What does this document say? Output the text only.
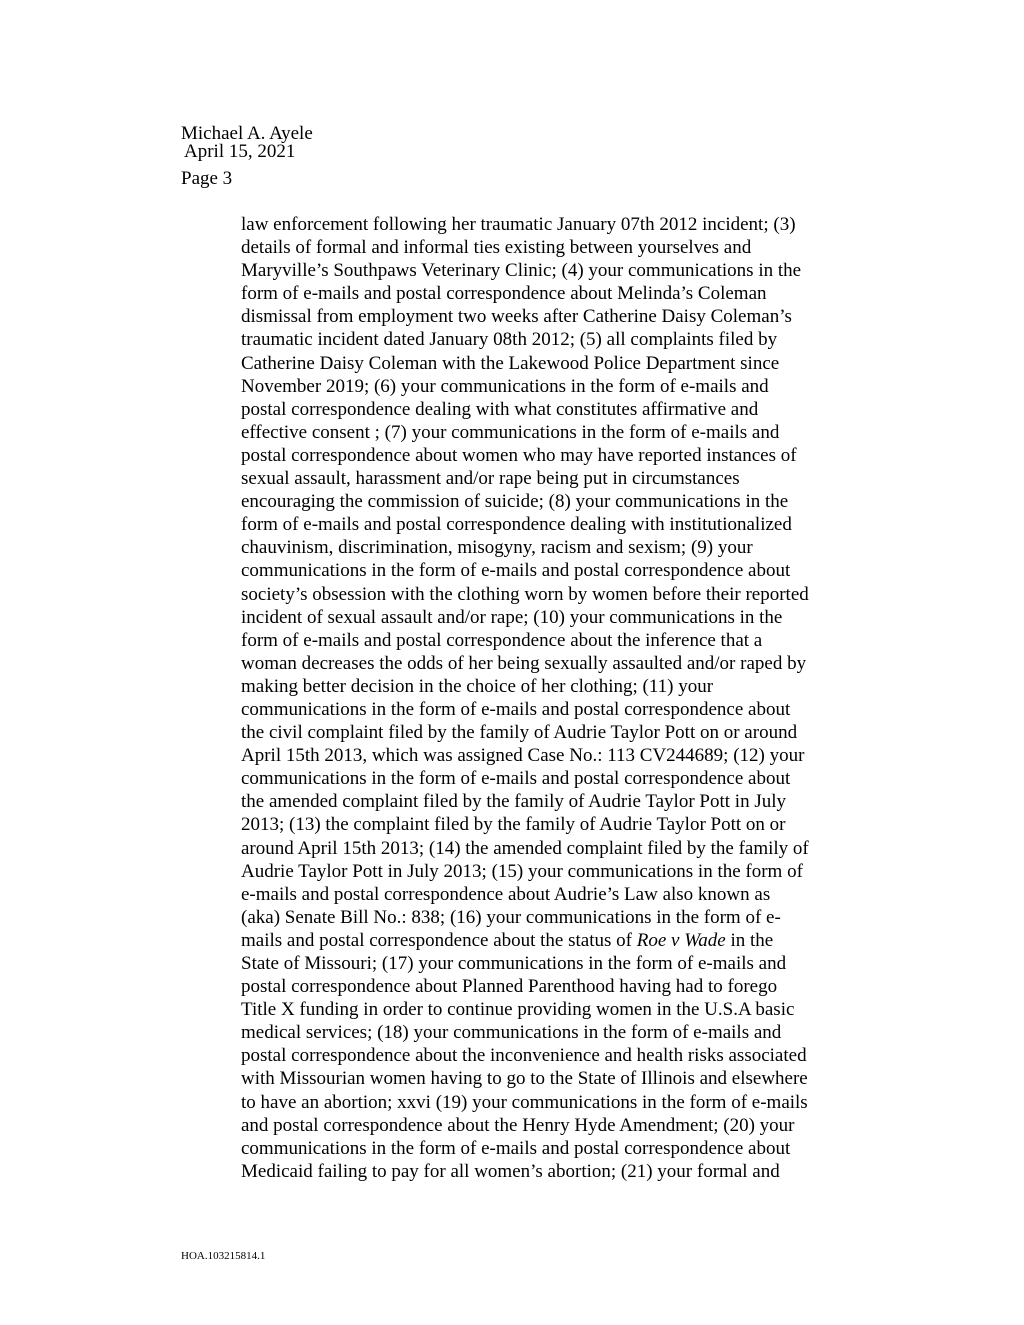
Michael A. Ayele
April 15, 2021
Page 3
law enforcement following her traumatic January 07th 2012 incident; (3)
details of formal and informal ties existing between yourselves and
Maryville’s Southpaws Veterinary Clinic; (4) your communications in the
form of e-mails and postal correspondence about Melinda’s Coleman
dismissal from employment two weeks after Catherine Daisy Coleman’s
traumatic incident dated January 08th 2012; (5) all complaints filed by
Catherine Daisy Coleman with the Lakewood Police Department since
November 2019; (6) your communications in the form of e-mails and
postal correspondence dealing with what constitutes affirmative and
effective consent ; (7) your communications in the form of e-mails and
postal correspondence about women who may have reported instances of
sexual assault, harassment and/or rape being put in circumstances
encouraging the commission of suicide; (8) your communications in the
form of e-mails and postal correspondence dealing with institutionalized
chauvinism, discrimination, misogyny, racism and sexism; (9) your
communications in the form of e-mails and postal correspondence about
society’s obsession with the clothing worn by women before their reported
incident of sexual assault and/or rape; (10) your communications in the
form of e-mails and postal correspondence about the inference that a
woman decreases the odds of her being sexually assaulted and/or raped by
making better decision in the choice of her clothing; (11) your
communications in the form of e-mails and postal correspondence about
the civil complaint filed by the family of Audrie Taylor Pott on or around
April 15th 2013, which was assigned Case No.: 113 CV244689; (12) your
communications in the form of e-mails and postal correspondence about
the amended complaint filed by the family of Audrie Taylor Pott in July
2013; (13) the complaint filed by the family of Audrie Taylor Pott on or
around April 15th 2013; (14) the amended complaint filed by the family of
Audrie Taylor Pott in July 2013; (15) your communications in the form of
e-mails and postal correspondence about Audrie’s Law also known as
(aka) Senate Bill No.: 838; (16) your communications in the form of e-
mails and postal correspondence about the status of Roe v Wade in the
State of Missouri; (17) your communications in the form of e-mails and
postal correspondence about Planned Parenthood having had to forego
Title X funding in order to continue providing women in the U.S.A basic
medical services; (18) your communications in the form of e-mails and
postal correspondence about the inconvenience and health risks associated
with Missourian women having to go to the State of Illinois and elsewhere
to have an abortion; xxvi (19) your communications in the form of e-mails
and postal correspondence about the Henry Hyde Amendment; (20) your
communications in the form of e-mails and postal correspondence about
Medicaid failing to pay for all women’s abortion; (21) your formal and
HOA.103215814.1
